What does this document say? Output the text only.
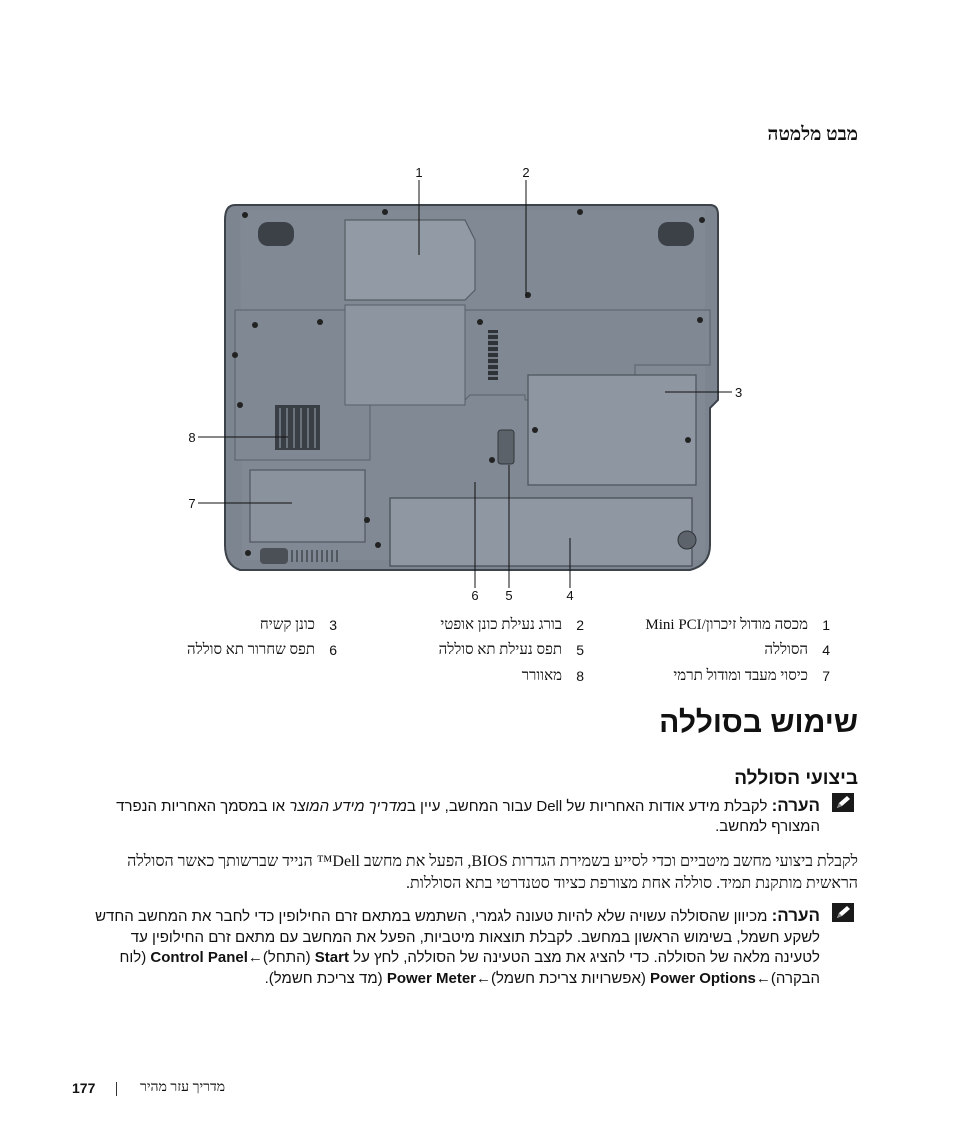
מבט מלמטה
1	2
3
4
5
6
7
8
1
מכסה מודול זיכרון/Mini PCI
2
בורג נעילת כונן אופטי
3
כונן קשיח
4
הסוללה
5
תפס נעילת תא סוללה
6
תפס שחרור תא סוללה
7
כיסוי מעבד ומודול תרמי
8
מאוורר
שימוש בסוללה
ביצועי הסוללה
הערה: לקבלת מידע אודות האחריות של Dell עבור המחשב, עיין במדריך מידע המוצר או במסמך האחריות הנפרד המצורף למחשב.
לקבלת ביצועי מחשב מיטביים וכדי לסייע בשמירת הגדרות BIOS, הפעל את מחשב Dell™ הנייד שברשותך כאשר הסוללה הראשית מותקנת תמיד. סוללה אחת מצורפת כציוד סטנדרטי בתא הסוללות.
הערה: מכיוון שהסוללה עשויה שלא להיות טעונה לגמרי, השתמש במתאם זרם החילופין כדי לחבר את המחשב החדש לשקע חשמל, בשימוש הראשון במחשב. לקבלת תוצאות מיטביות, הפעל את המחשב עם מתאם זרם החילופין עד לטעינה מלאה של הסוללה. כדי להציג את מצב הטעינה של הסוללה, לחץ על Start (התחל)←Control Panel (לוח הבקרה)←Power Options (אפשרויות צריכת חשמל)←Power Meter (מד צריכת חשמל).
177	מדריך עזר מהיר
